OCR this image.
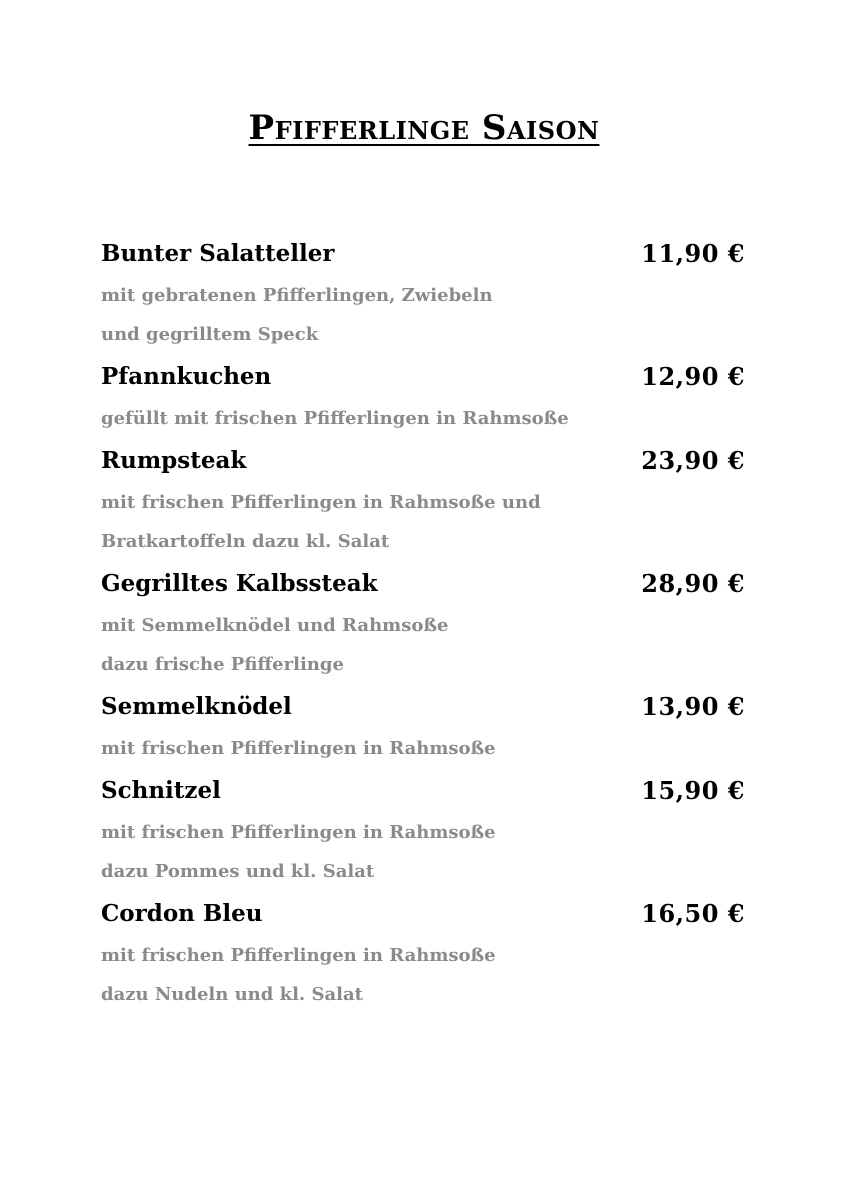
Pfifferlinge Saison
Bunter Salatteller	11,90 €
mit gebratenen Pfifferlingen, Zwiebeln
und gegrilltem Speck
Pfannkuchen	12,90 €
gefüllt mit frischen Pfifferlingen in Rahmsoße
Rumpsteak	23,90 €
mit frischen Pfifferlingen in Rahmsoße und
Bratkartoffeln dazu kl. Salat
Gegrilltes Kalbssteak	28,90 €
mit Semmelknödel und Rahmsoße
dazu frische Pfifferlinge
Semmelknödel	13,90 €
mit frischen Pfifferlingen in Rahmsoße
Schnitzel	15,90 €
mit frischen Pfifferlingen in Rahmsoße
dazu Pommes und kl. Salat
Cordon Bleu	16,50 €
mit frischen Pfifferlingen in Rahmsoße
dazu Nudeln und kl. Salat
